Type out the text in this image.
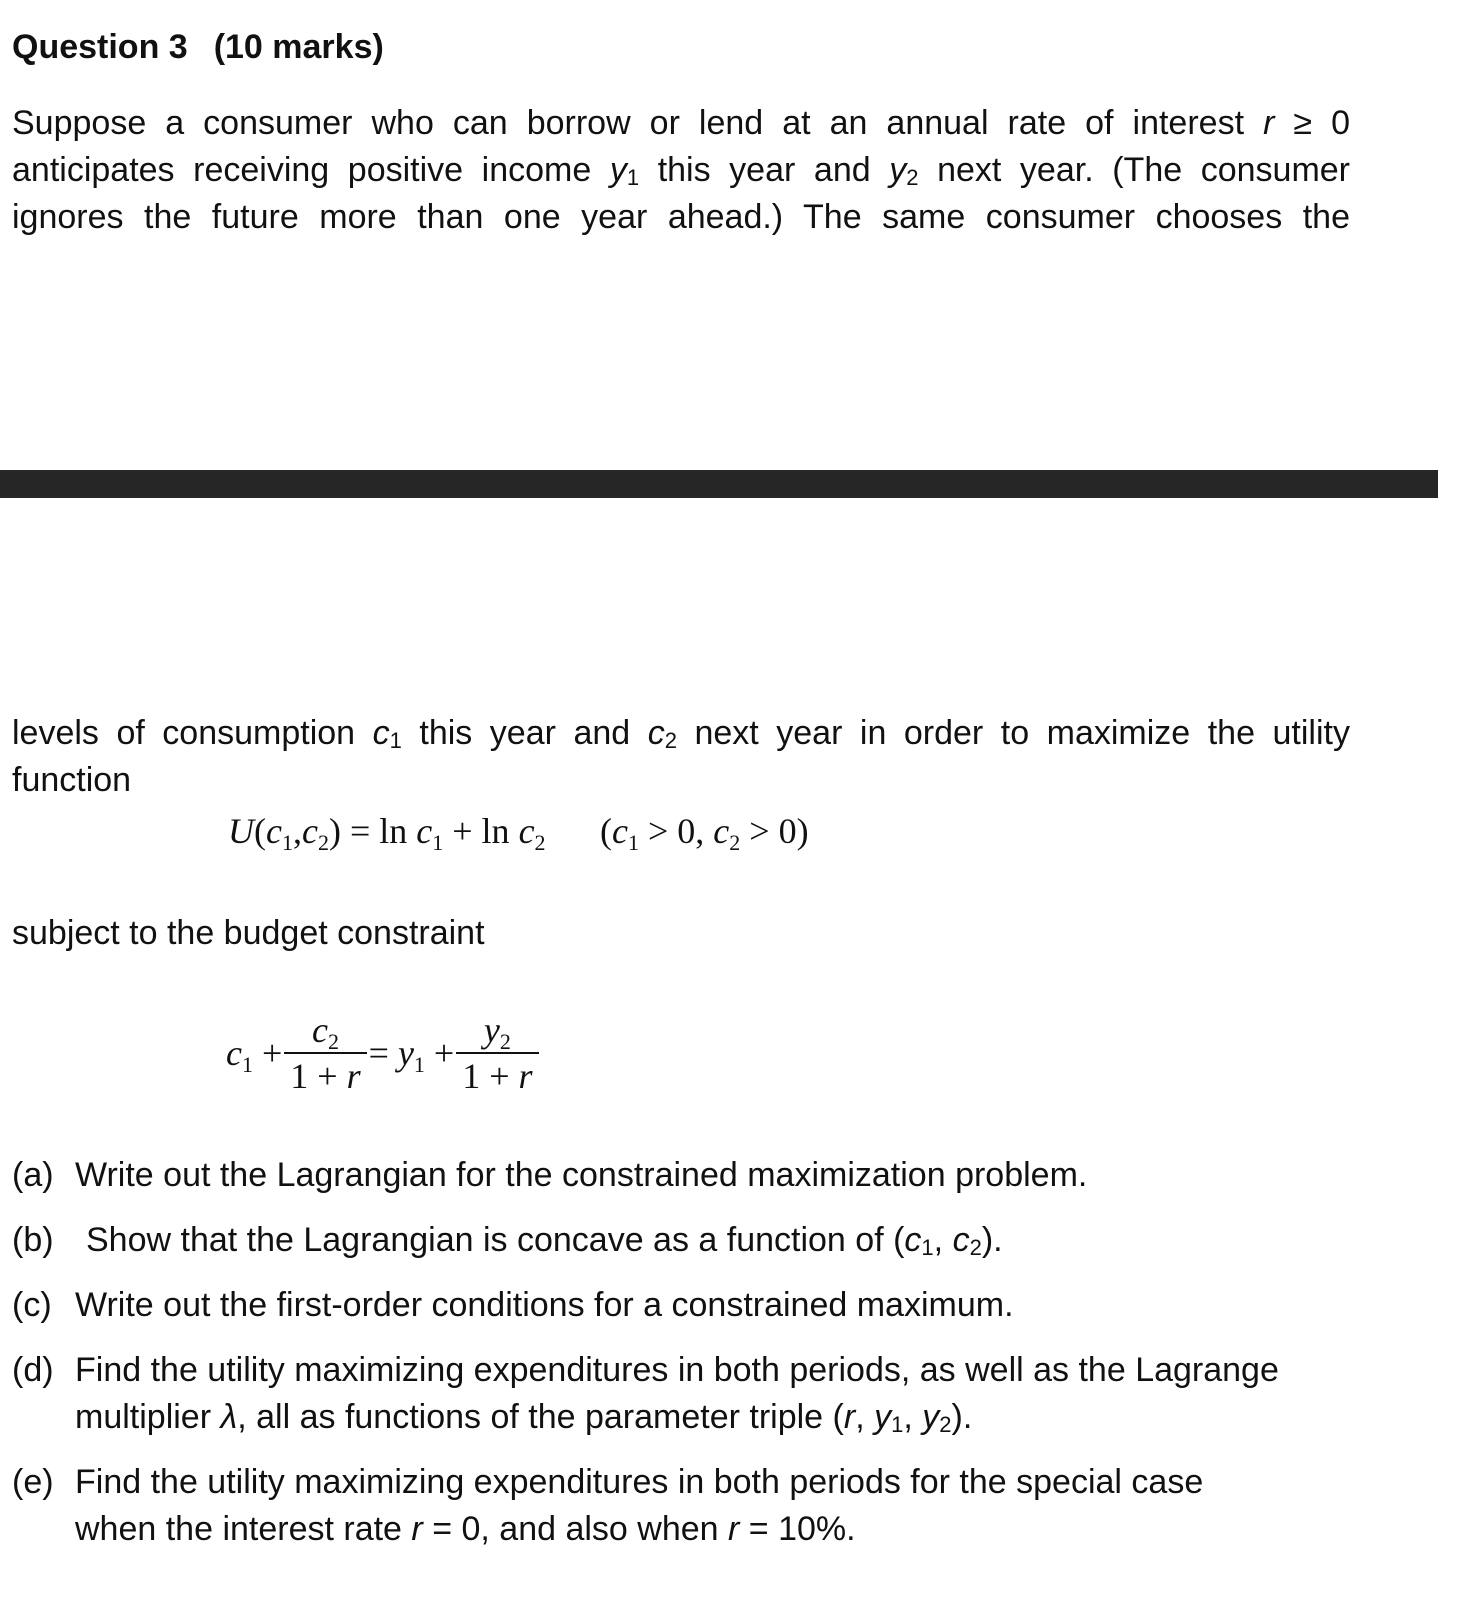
Question 3 (10 marks)
Suppose a consumer who can borrow or lend at an annual rate of interest r ≥ 0
anticipates receiving positive income y1 this year and y2 next year. (The consumer
ignores the future more than one year ahead.) The same consumer chooses the
levels of consumption c1 this year and c2 next year in order to maximize the utility
function
U(c1,c2) = ln c1 + ln c2 (c1 > 0, c2 > 0)
subject to the budget constraint
$c1 + \frac{c2}{1 + r} = y1 + \frac{y2}{1 + r}$
(a) Write out the Lagrangian for the constrained maximization problem.
(b) Show that the Lagrangian is concave as a function of (c1, c2).
(c) Write out the first-order conditions for a constrained maximum.
(d) Find the utility maximizing expenditures in both periods, as well as the Lagrange
multiplier λ, all as functions of the parameter triple (r, y1, y2).
(e) Find the utility maximizing expenditures in both periods for the special case
when the interest rate r = 0, and also when r = 10%.
